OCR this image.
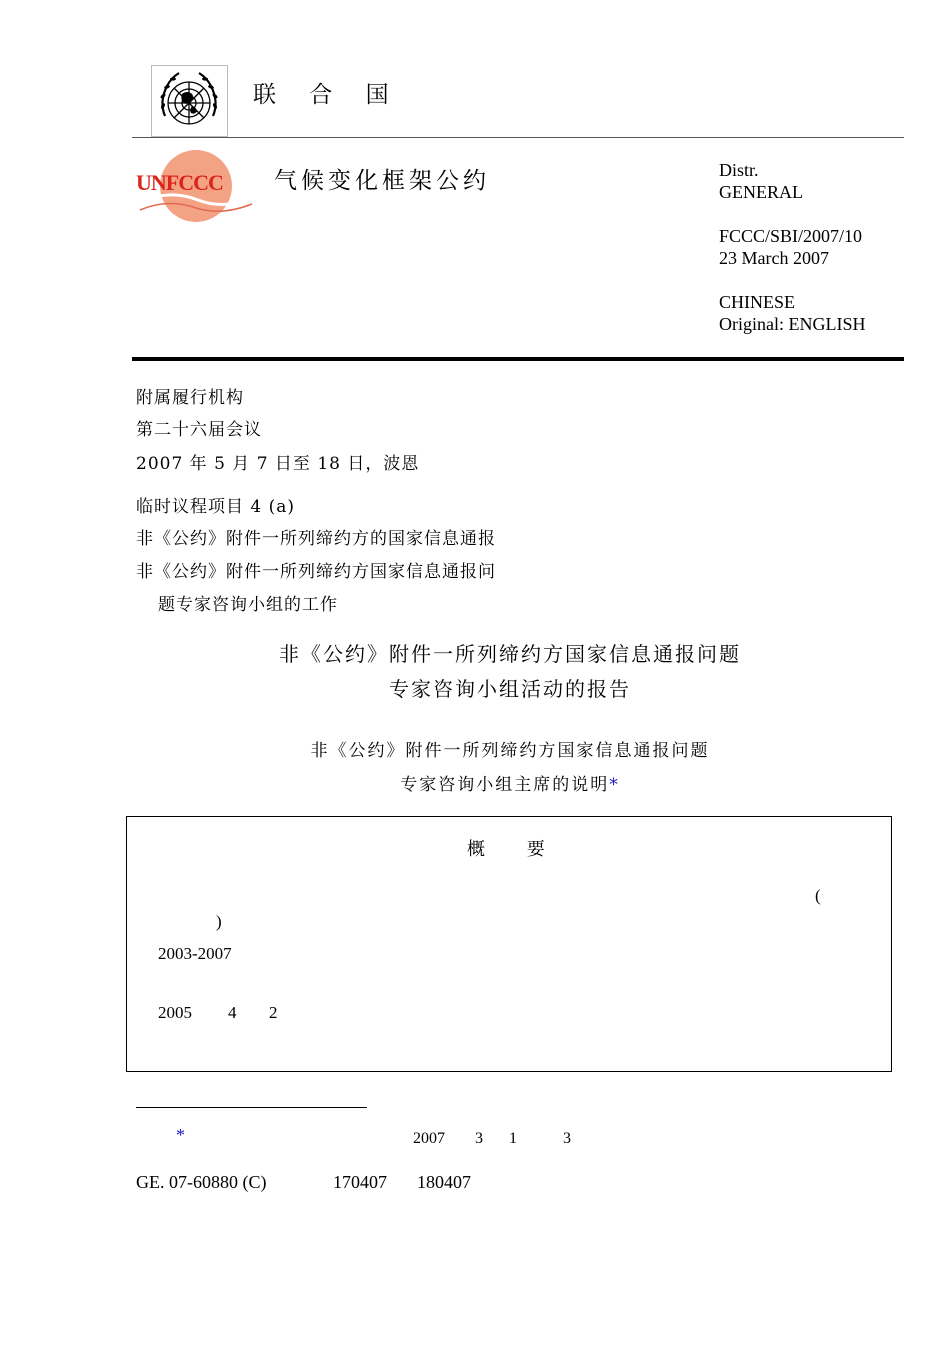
联 合 国
UNFCCC 气候变化框架公约	Distr.
GENERAL
FCCC/SBI/2007/10
23 March 2007
CHINESE
Original: ENGLISH
附属履行机构
第二十六届会议
2007 年 5 月 7 日至 18 日，波恩
临时议程项目 4 (a)
非《公约》附件一所列缔约方的国家信息通报
非《公约》附件一所列缔约方国家信息通报问
题专家咨询小组的工作
非《公约》附件一所列缔约方国家信息通报问题
专家咨询小组活动的报告
非《公约》附件一所列缔约方国家信息通报问题
专家咨询小组主席的说明*
概 要
(
)
2003-2007
2005 4 2
*	2007 3 1	3
GE. 07-60880 (C)	170407 180407
